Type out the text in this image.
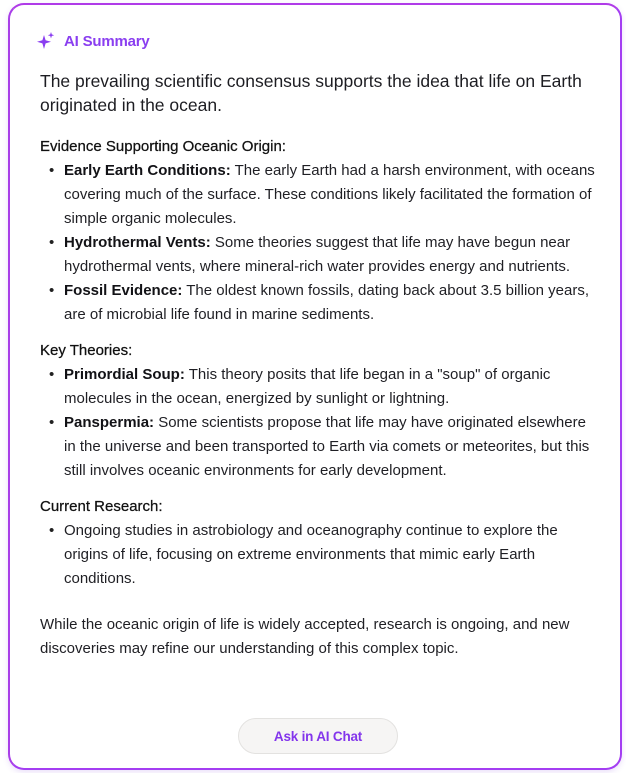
AI Summary
The prevailing scientific consensus supports the idea that life on Earth originated in the ocean.

Evidence Supporting Oceanic Origin:

• Early Earth Conditions: The early Earth had a harsh environment, with oceans covering much of the surface. These conditions likely facilitated the formation of simple organic molecules.
• Hydrothermal Vents: Some theories suggest that life may have begun near hydrothermal vents, where mineral-rich water provides energy and nutrients.
• Fossil Evidence: The oldest known fossils, dating back about 3.5 billion years, are of microbial life found in marine sediments.

Key Theories:

• Primordial Soup: This theory posits that life began in a "soup" of organic molecules in the ocean, energized by sunlight or lightning.
• Panspermia: Some scientists propose that life may have originated elsewhere in the universe and been transported to Earth via comets or meteorites, but this still involves oceanic environments for early development.

Current Research:

• Ongoing studies in astrobiology and oceanography continue to explore the origins of life, focusing on extreme environments that mimic early Earth conditions.
While the oceanic origin of life is widely accepted, research is ongoing, and new discoveries may refine our understanding of this complex topic.
Ask in AI Chat
